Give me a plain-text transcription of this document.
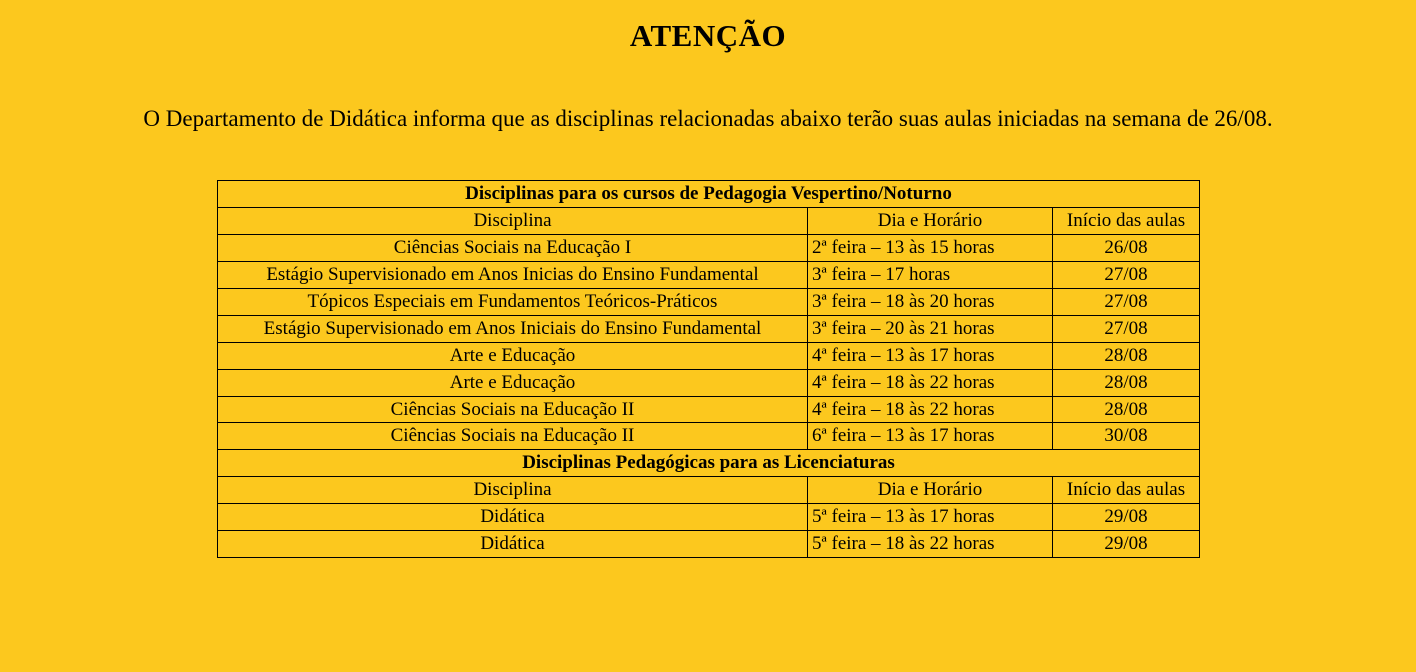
ATENÇÃO

O Departamento de Didática informa que as disciplinas relacionadas abaixo terão suas aulas iniciadas na semana de 26/08.

Disciplinas para os cursos de Pedagogia Vespertino/Noturno		
Disciplina	Dia e Horário	Início das aulas
Ciências Sociais na Educação I	2ª feira – 13 às 15 horas	26/08
Estágio Supervisionado em Anos Inicias do Ensino Fundamental	3ª feira – 17 horas	27/08
Tópicos Especiais em Fundamentos Teóricos-Práticos	3ª feira – 18 às 20 horas	27/08
Estágio Supervisionado em Anos Iniciais do Ensino Fundamental	3ª feira – 20 às 21 horas	27/08
Arte e Educação	4ª feira – 13 às 17 horas	28/08
Arte e Educação	4ª feira – 18 às 22 horas	28/08
Ciências Sociais na Educação II	4ª feira – 18 às 22 horas	28/08
Ciências Sociais na Educação II	6ª feira – 13 às 17 horas	30/08
Disciplinas Pedagógicas para as Licenciaturas		
Disciplina	Dia e Horário	Início das aulas
Didática	5ª feira – 13 às 17 horas	29/08
Didática	5ª feira – 18 às 22 horas	29/08
